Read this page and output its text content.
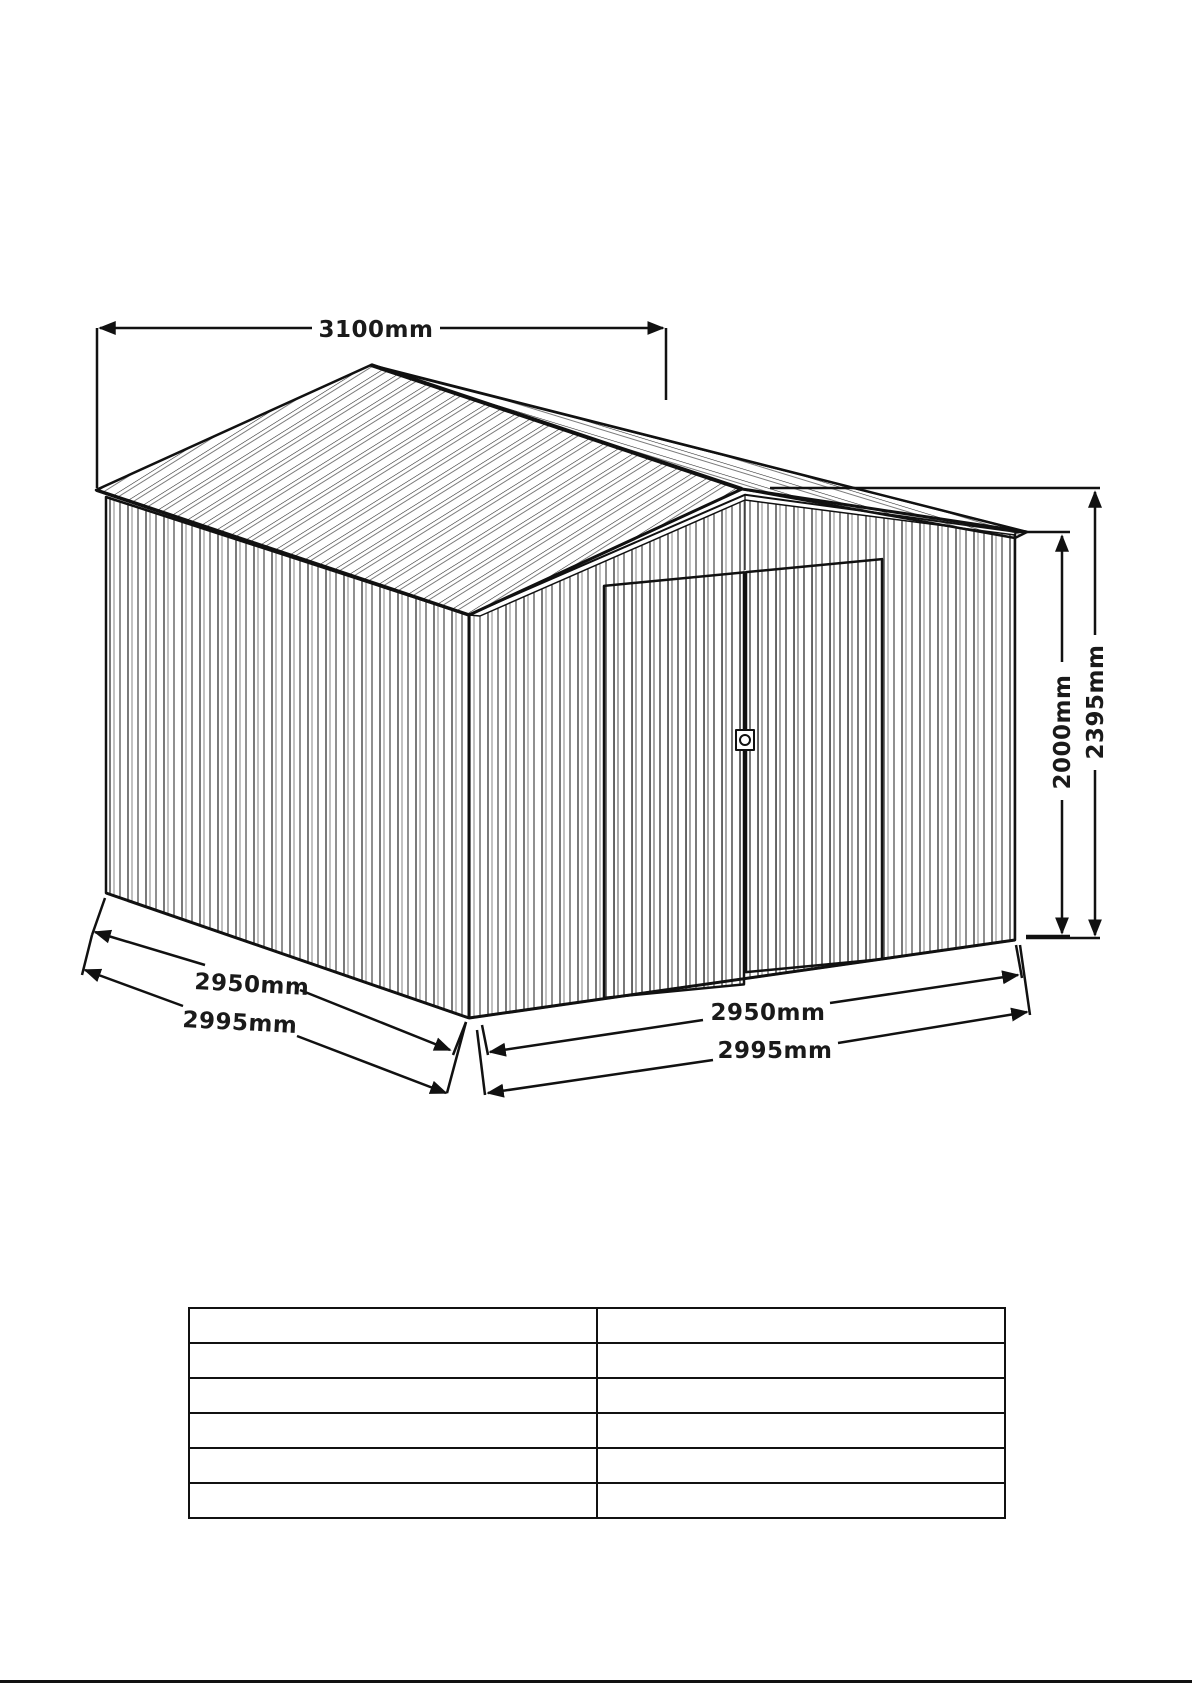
3100mm
2950mm
2995mm	2950mm
2995mm
2000mm 2395mm
